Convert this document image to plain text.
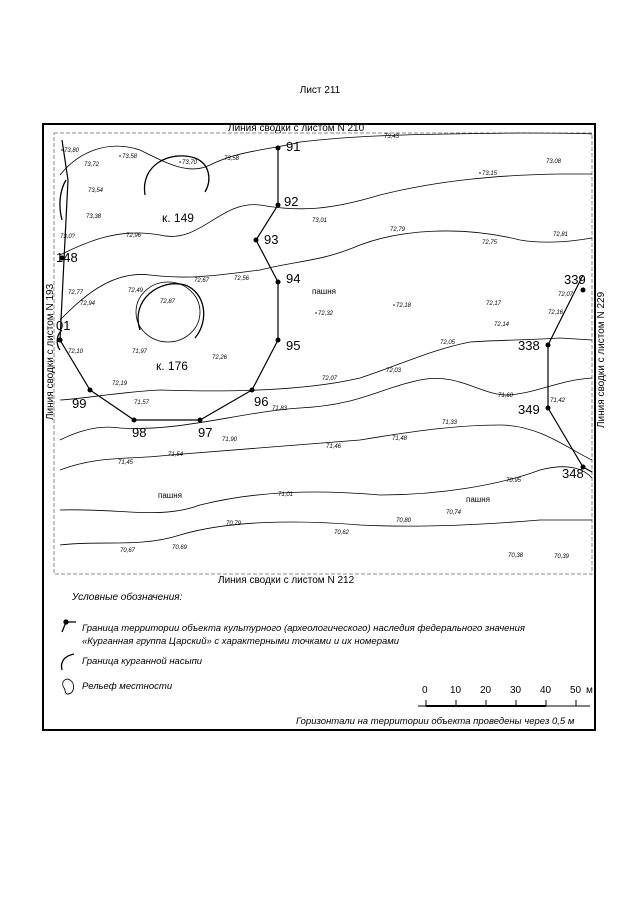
Лист 211
91
92
93
94
95
96
97
98
99
01
148
338
339
349
348
к. 149
к. 176
пашня
пашня	пашня
73,80
73,72
73,58
73,70
73,58
73,43
73,15
73,08
73,54
73,38
73,0?	72,96
73,01
72,79
72,75
72,81
72,77
72,94
72,49
72,87
72,67	72,56
72,32
72,18	72,17
72,07
72,16
72,14
72,10	71,97
72,26
72,05
72,03
72,07
72,19
71,57
71,83
71,60
71,42
71,90
71,46
71,48
71,33
71,54
71,45
70,95
71,01
70,74
70,79
70,62
70,80
70,67	70,69
70,38	70,39
Линия сводки с листом N 210
Линия сводки с листом N 212
Линия сводки с листом N 193	Линия сводки с листом N 229
0 10 20 30 40 50 м
Условные обозначения:
Граница территории объекта культурного (археологического) наследия федерального значения
«Курганная группа Царский» с характерными точками и их номерами
Граница курганной насыпи
Рельеф местности
Горизонтали на территории объекта проведены через 0,5 м
